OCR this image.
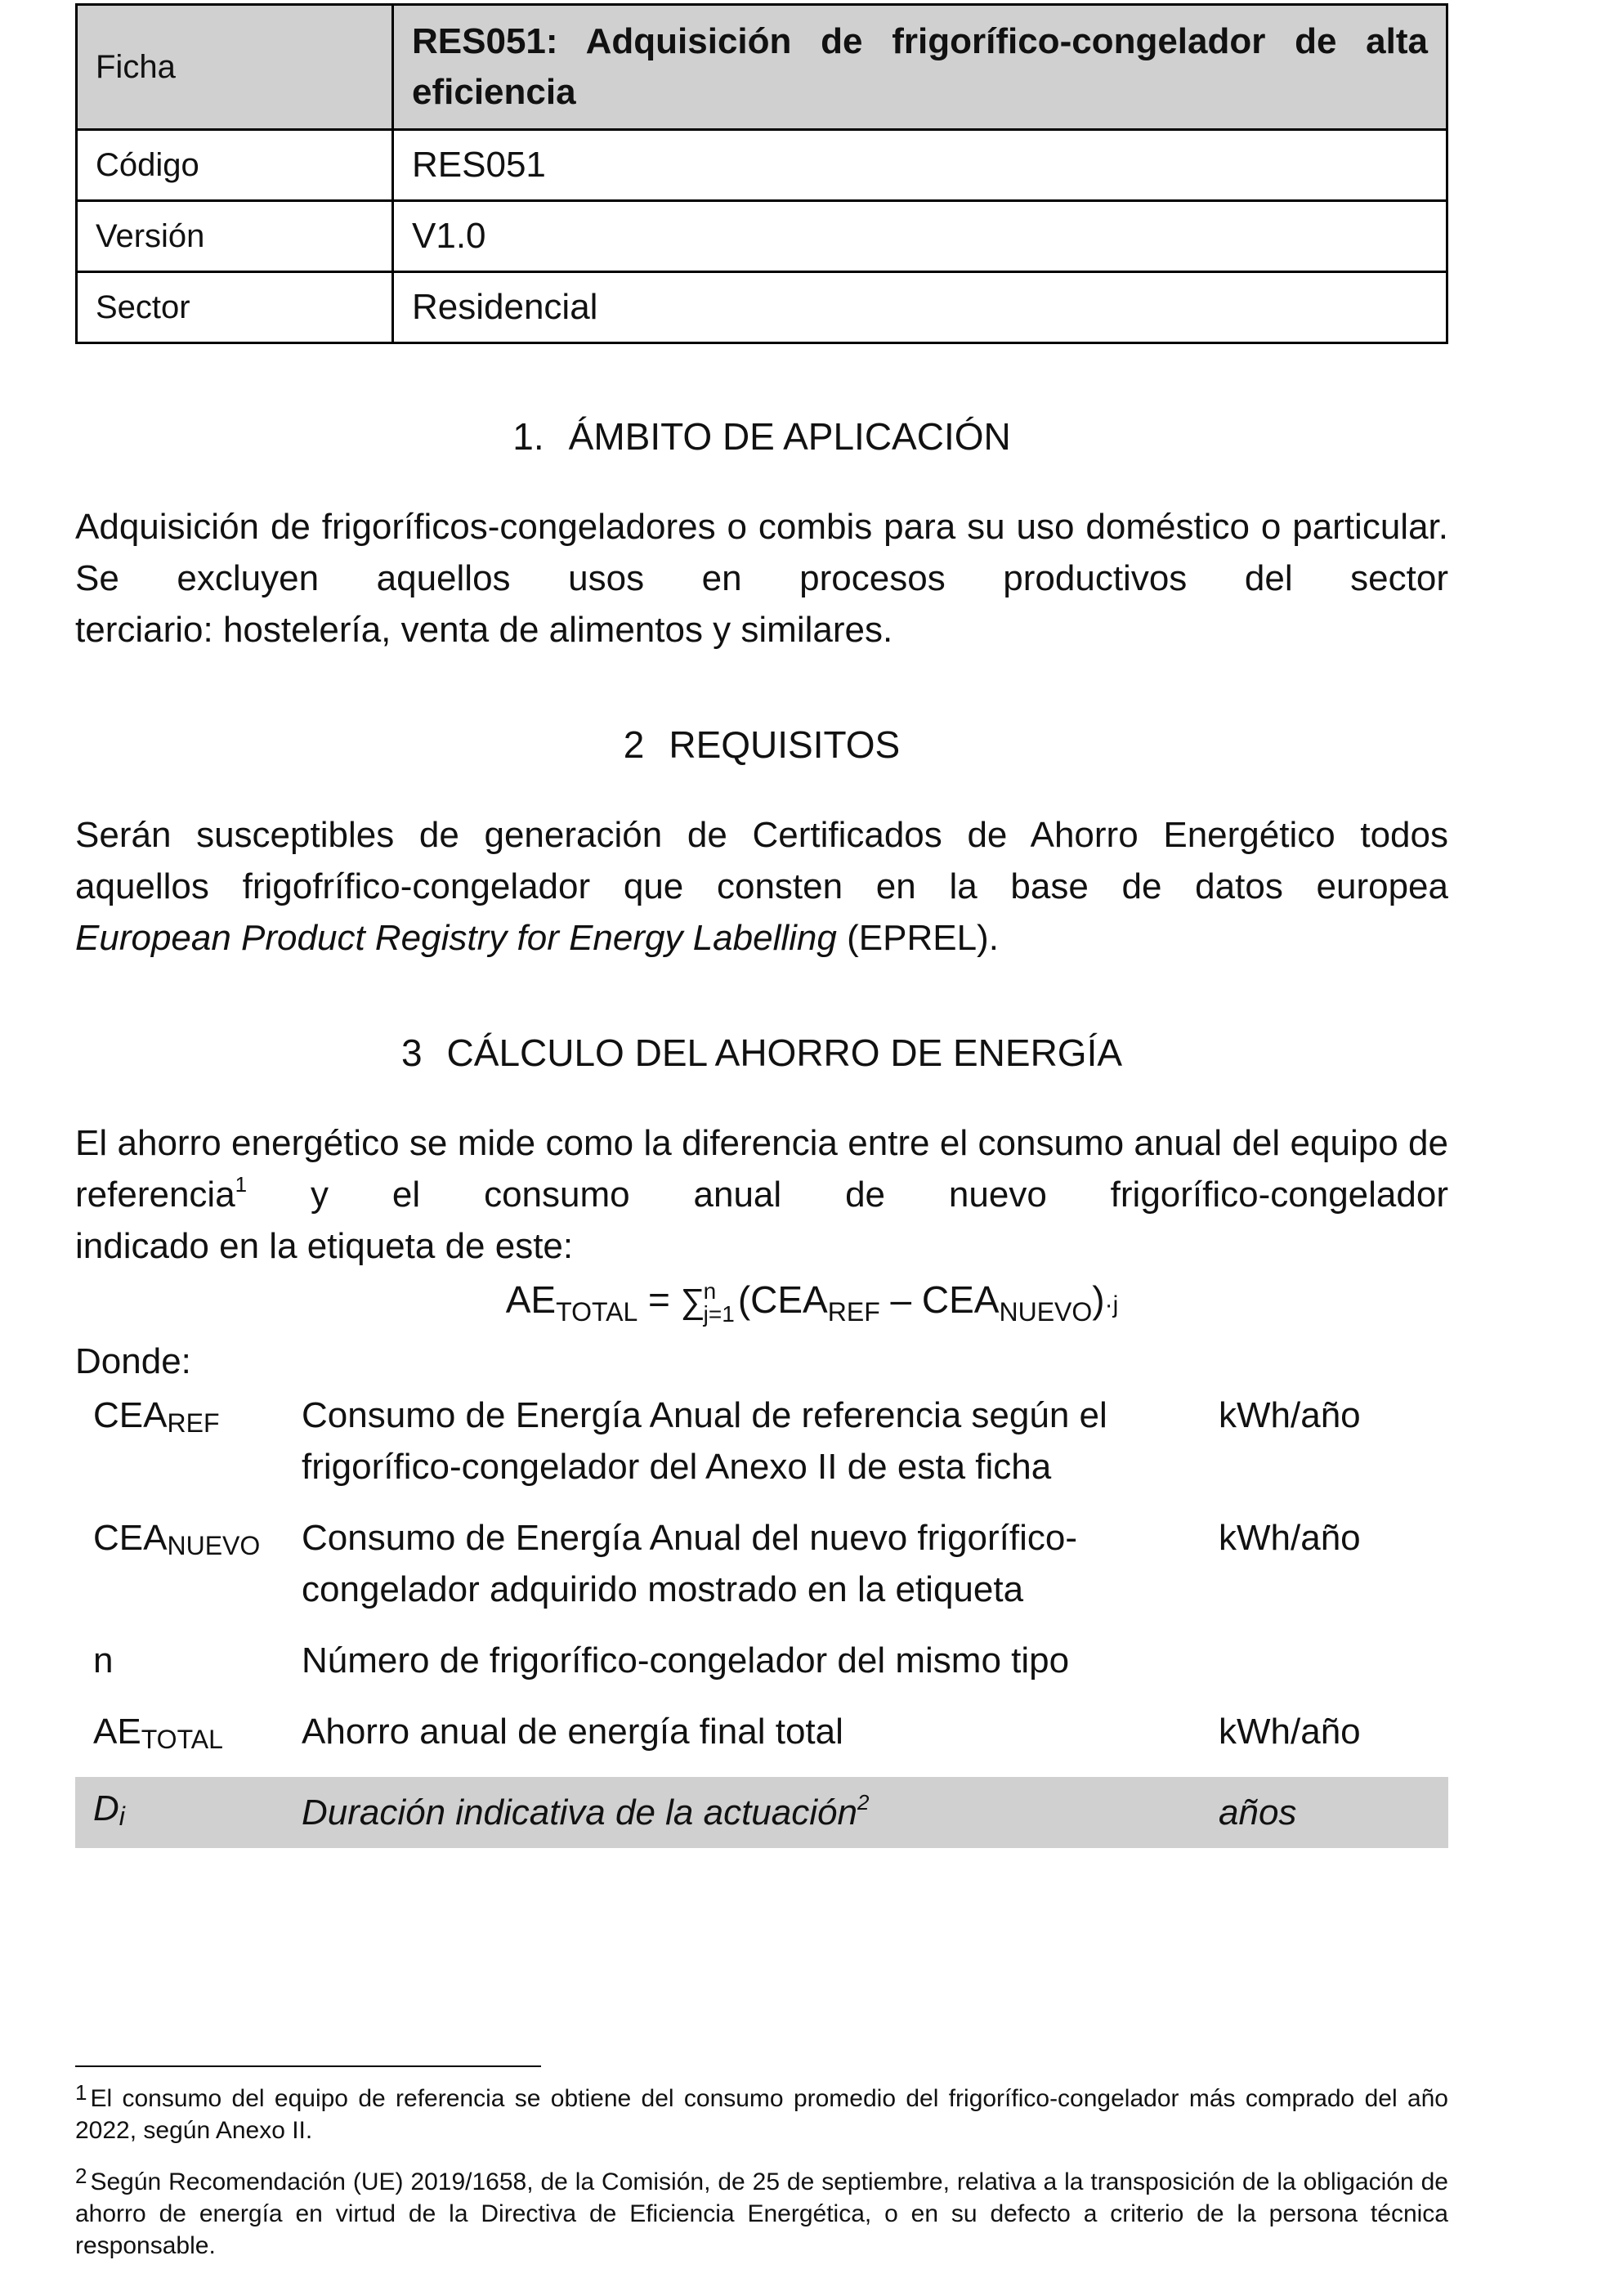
Ficha	RES051: Adquisición de frigorífico-congelador de alta eficiencia
Código	RES051
Versión	V1.0
Sector	Residencial
1. ÁMBITO DE APLICACIÓN
Adquisición de frigoríficos-congeladores o combis para su uso doméstico o particular. Se excluyen aquellos usos en procesos productivos del sector
terciario: hostelería, venta de alimentos y similares.
2 REQUISITOS
Serán susceptibles de generación de Certificados de Ahorro Energético todos aquellos frigofrífico-congelador que consten en la base de datos europea
European Product Registry for Energy Labelling (EPREL).
3 CÁLCULO DEL AHORRO DE ENERGÍA
El ahorro energético se mide como la diferencia entre el consumo anual del equipo de referencia$^1$ y el consumo anual de nuevo frigorífico-congelador
indicado en la etiqueta de este:
$AE_{TOTAL} = \sum n$
$j=1(CEA_{REF} - CEA_{NUEVO})\cdot j$
Donde:
$CEA_{REF}$	Consumo de Energía Anual de referencia según el
frigorífico-congelador del Anexo II de esta ficha	kWh/año
$CEA_{NUEVO}$	Consumo de Energía Anual del nuevo frigorífico-
congelador adquirido mostrado en la etiqueta	kWh/año
n	Número de frigorífico-congelador del mismo tipo	
$AE_{TOTAL}$	Ahorro anual de energía final total	kWh/año
$D_i$	Duración indicativa de la actuación$^2$	años
$^1$ El consumo del equipo de referencia se obtiene del consumo promedio del frigorífico-congelador más comprado del año 2022, según Anexo II.
$^2$ Según Recomendación (UE) 2019/1658, de la Comisión, de 25 de septiembre, relativa a la transposición de la obligación de ahorro de energía en virtud de la Directiva de Eficiencia Energética, o en su defecto a criterio de la persona técnica responsable.
